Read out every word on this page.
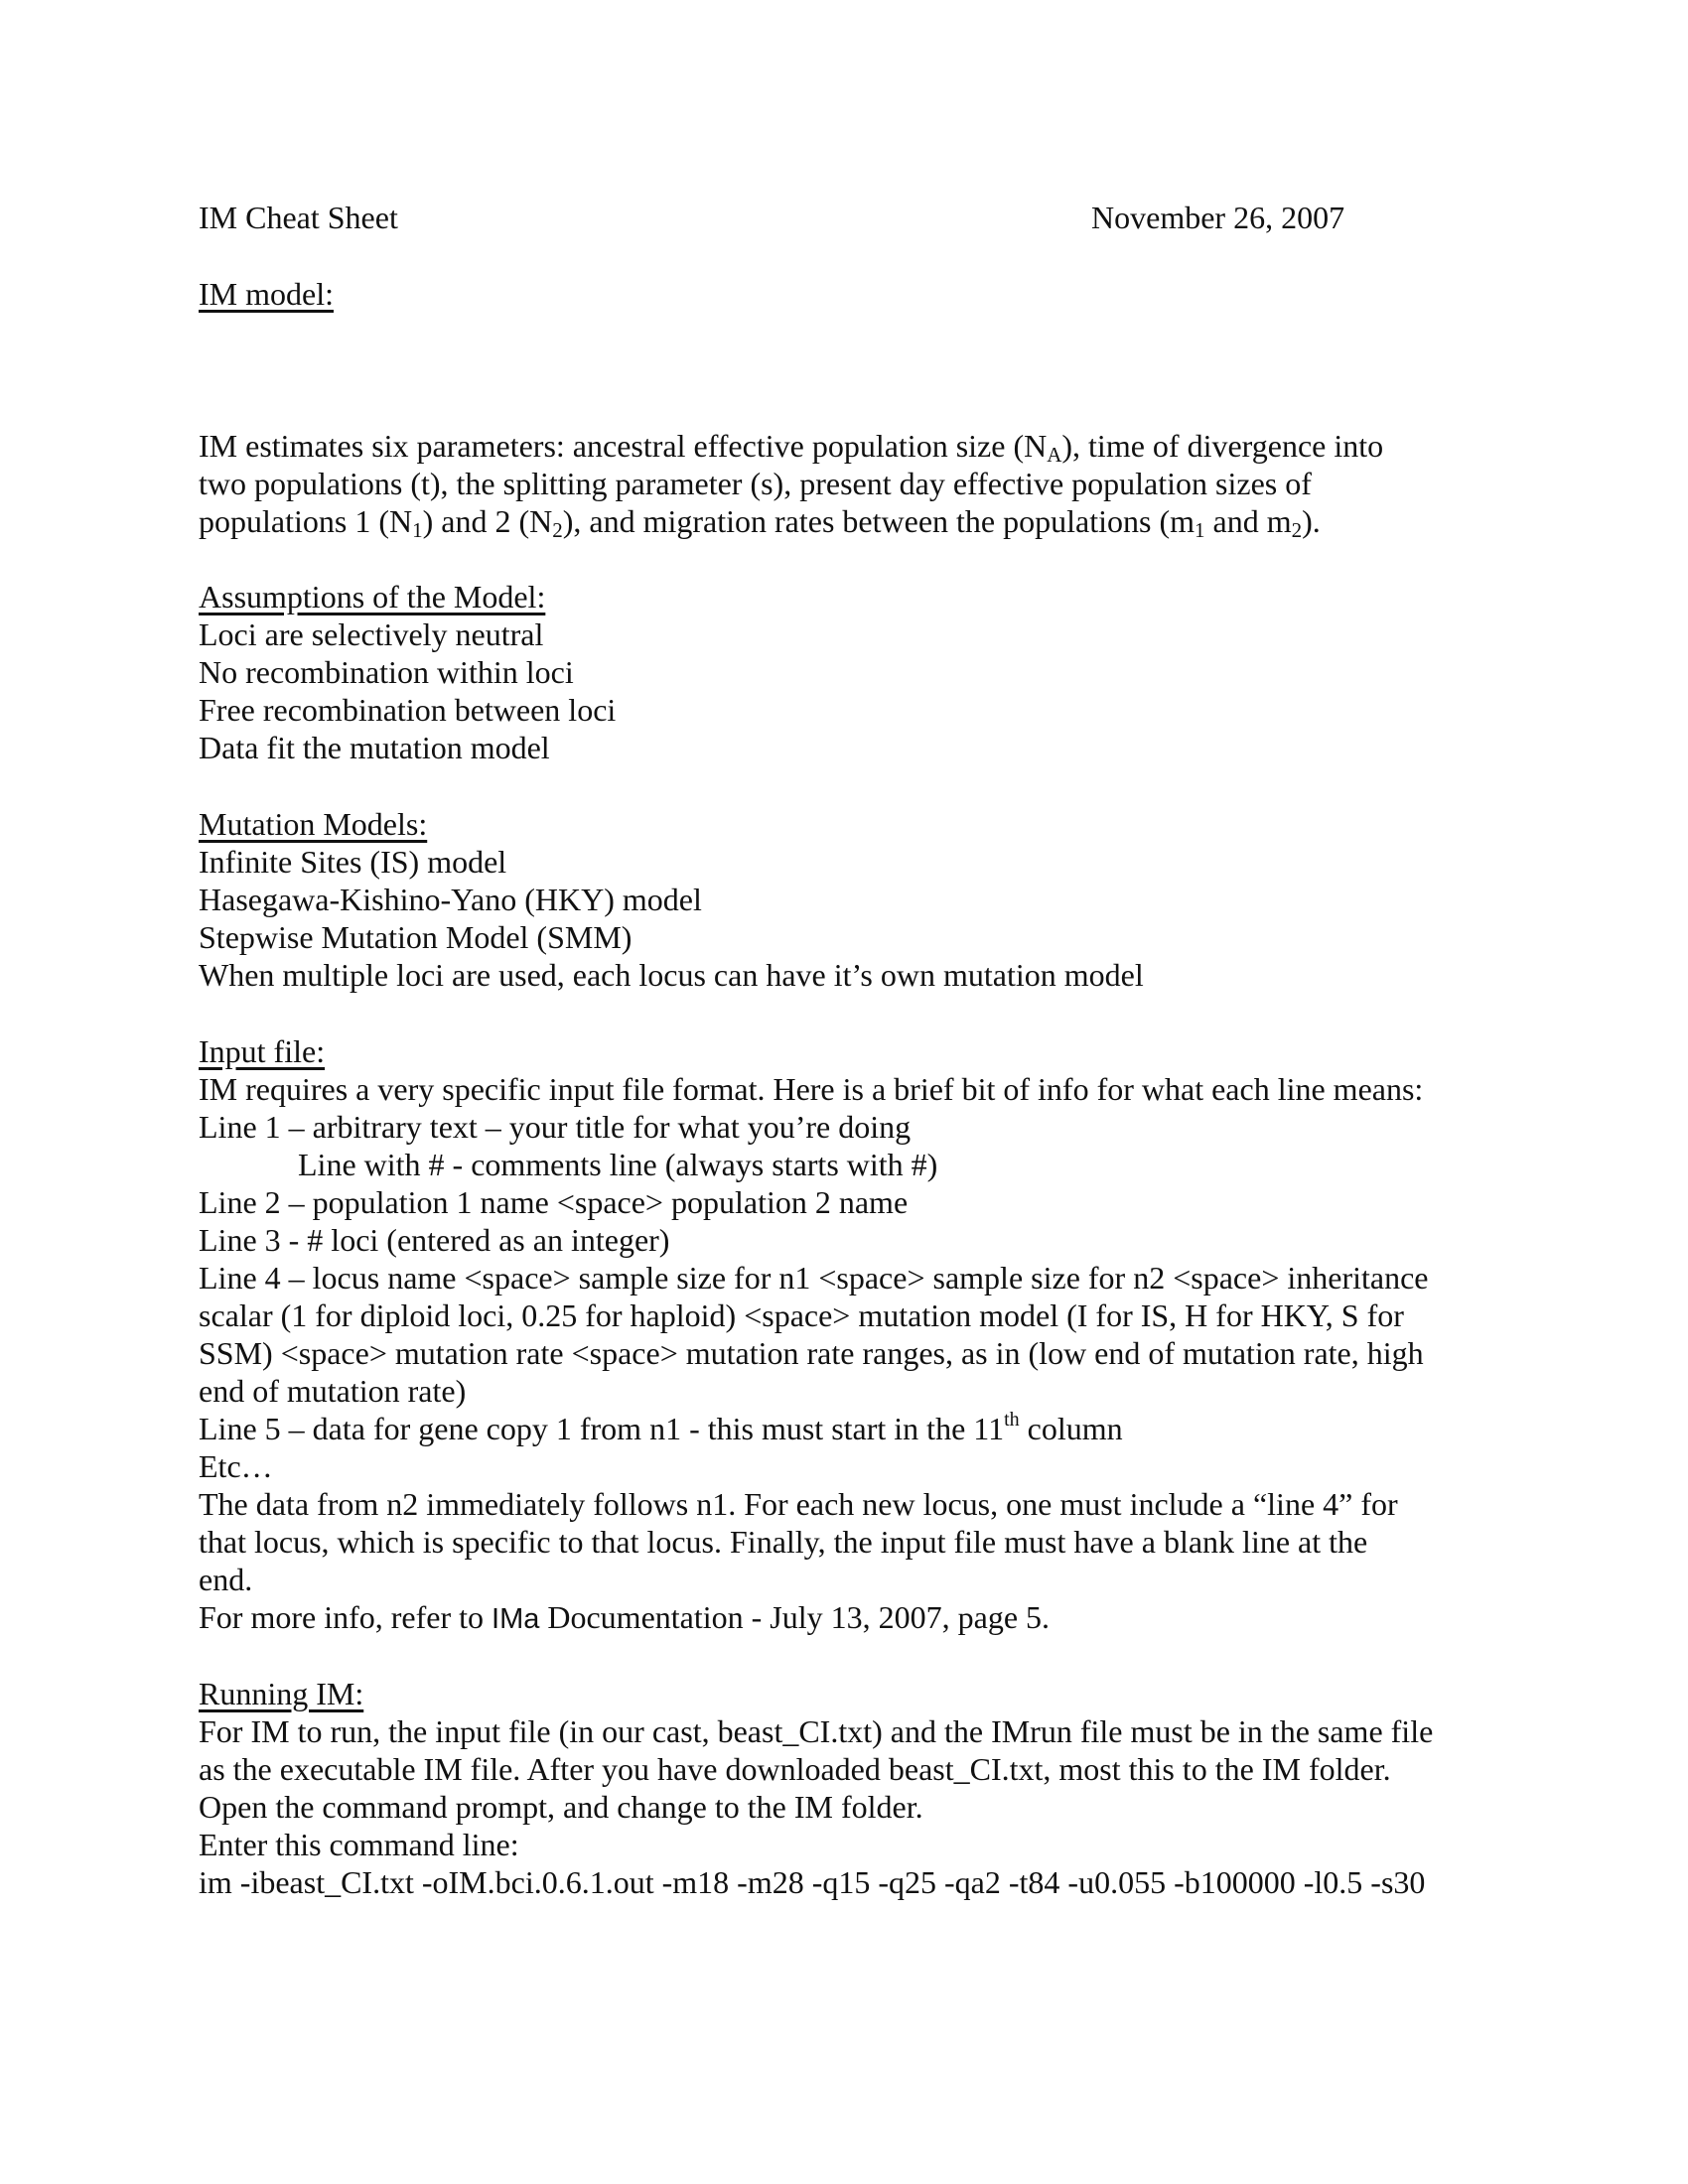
IM Cheat Sheet	November 26, 2007
IM model:
IM estimates six parameters: ancestral effective population size $(N_A)$, time of divergence into
two populations (t), the splitting parameter (s), present day effective population sizes of
populations 1 $(N_1)$ and 2 $(N_2)$, and migration rates between the populations ($m_1$ and $m_2$).
Assumptions of the Model:
Loci are selectively neutral
No recombination within loci
Free recombination between loci
Data fit the mutation model
Mutation Models:
Infinite Sites (IS) model
Hasegawa-Kishino-Yano (HKY) model
Stepwise Mutation Model (SMM)
When multiple loci are used, each locus can have it’s own mutation model
Input file:
IM requires a very specific input file format. Here is a brief bit of info for what each line means:
Line 1 – arbitrary text – your title for what you’re doing
Line with # - comments line (always starts with #)
Line 2 – population 1 name <space> population 2 name
Line 3 - # loci (entered as an integer)
Line 4 – locus name <space> sample size for n1 <space> sample size for n2 <space> inheritance
scalar (1 for diploid loci, 0.25 for haploid) <space> mutation model (I for IS, H for HKY, S for
SSM) <space> mutation rate <space> mutation rate ranges, as in (low end of mutation rate, high
end of mutation rate)
Line 5 – data for gene copy 1 from n1 - this must start in the 11th column
Etc…
The data from n2 immediately follows n1. For each new locus, one must include a “line 4” for
that locus, which is specific to that locus. Finally, the input file must have a blank line at the
end.
For more info, refer to IMa Documentation - July 13, 2007, page 5.
Running IM:
For IM to run, the input file (in our cast, beast_CI.txt) and the IMrun file must be in the same file
as the executable IM file. After you have downloaded beast_CI.txt, most this to the IM folder.
Open the command prompt, and change to the IM folder.
Enter this command line:
im -ibeast_CI.txt -oIM.bci.0.6.1.out -m18 -m28 -q15 -q25 -qa2 -t84 -u0.055 -b100000 -l0.5 -s30
